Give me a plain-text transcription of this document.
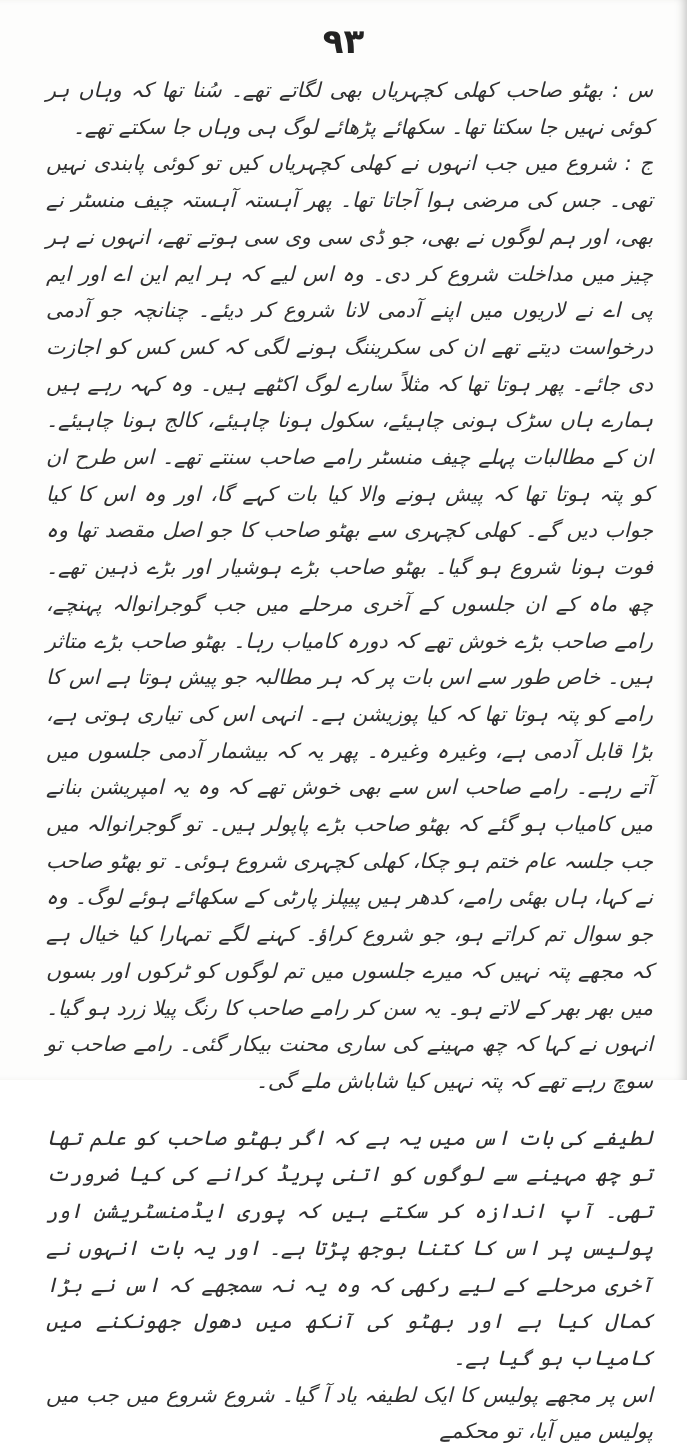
۹۳

س : بھٹو صاحب کھلی کچہریاں بھی لگاتے تھے۔ سُنا تھا کہ وہاں ہر کوئی نہیں جا سکتا تھا۔ سکھائے پڑھائے لوگ ہی وہاں جا سکتے تھے۔

ج : شروع میں جب انہوں نے کھلی کچہریاں کیں تو کوئی پابندی نہیں تھی۔ جس کی مرضی ہوا آجاتا تھا۔ پھر آہستہ آہستہ چیف منسٹر نے بھی، اور ہم لوگوں نے بھی، جو ڈی سی وی سی ہوتے تھے، انہوں نے ہر چیز میں مداخلت شروع کر دی۔ وہ اس لیے کہ ہر ایم این اے اور ایم پی اے نے لاریوں میں اپنے آدمی لانا شروع کر دیئے۔ چنانچہ جو آدمی درخواست دیتے تھے ان کی سکریننگ ہونے لگی کہ کس کس کو اجازت دی جائے۔ پھر ہوتا تھا کہ مثلاً سارے لوگ اکٹھے ہیں۔ وہ کہہ رہے ہیں ہمارے ہاں سڑک ہونی چاہیئے، سکول ہونا چاہیئے، کالج ہونا چاہیئے۔ ان کے مطالبات پہلے چیف منسٹر رامے صاحب سنتے تھے۔ اس طرح ان کو پتہ ہوتا تھا کہ پیش ہونے والا کیا بات کہے گا، اور وہ اس کا کیا جواب دیں گے۔ کھلی کچہری سے بھٹو صاحب کا جو اصل مقصد تھا وہ فوت ہونا شروع ہو گیا۔ بھٹو صاحب بڑے ہوشیار اور بڑے ذہین تھے۔ چھ ماہ کے ان جلسوں کے آخری مرحلے میں جب گوجرانوالہ پہنچے، رامے صاحب بڑے خوش تھے کہ دورہ کامیاب رہا۔ بھٹو صاحب بڑے متاثر ہیں۔ خاص طور سے اس بات پر کہ ہر مطالبہ جو پیش ہوتا ہے اس کا رامے کو پتہ ہوتا تھا کہ کیا پوزیشن ہے۔ انہی اس کی تیاری ہوتی ہے، بڑا قابل آدمی ہے، وغیرہ وغیرہ۔ پھر یہ کہ بیشمار آدمی جلسوں میں آتے رہے۔ رامے صاحب اس سے بھی خوش تھے کہ وہ یہ امپریشن بنانے میں کامیاب ہو گئے کہ بھٹو صاحب بڑے پاپولر ہیں۔ تو گوجرانوالہ میں جب جلسہ عام ختم ہو چکا، کھلی کچہری شروع ہوئی۔ تو بھٹو صاحب نے کہا، ہاں بھئی رامے، کدھر ہیں پیپلز پارٹی کے سکھائے ہوئے لوگ۔ وہ جو سوال تم کراتے ہو، جو شروع کراؤ۔ کہنے لگے تمہارا کیا خیال ہے کہ مجھے پتہ نہیں کہ میرے جلسوں میں تم لوگوں کو ٹرکوں اور بسوں میں بھر بھر کے لاتے ہو۔ یہ سن کر رامے صاحب کا رنگ پیلا زرد ہو گیا۔ انہوں نے کہا کہ چھ مہینے کی ساری محنت بیکار گئی۔ رامے صاحب تو سوچ رہے تھے کہ پتہ نہیں کیا شاباش ملے گی۔

لطیفے کی بات اس میں یہ ہے کہ اگر بھٹو صاحب کو علم تھا تو چھ مہینے سے لوگوں کو اتنی پریڈ کرانے کی کیا ضرورت تھی۔ آپ اندازہ کر سکتے ہیں کہ پوری ایڈمنسٹریشن اور پولیس پر اس کا کتنا بوجھ پڑتا ہے۔ اور یہ بات انہوں نے آخری مرحلے کے لیے رکھی کہ وہ یہ نہ سمجھے کہ اس نے بڑا کمال کیا ہے اور بھٹو کی آنکھ میں دھول جھونکنے میں کامیاب ہو گیا ہے۔

اس پر مجھے پولیس کا ایک لطیفہ یاد آ گیا۔ شروع شروع میں جب میں پولیس میں آیا، تو محکمے
